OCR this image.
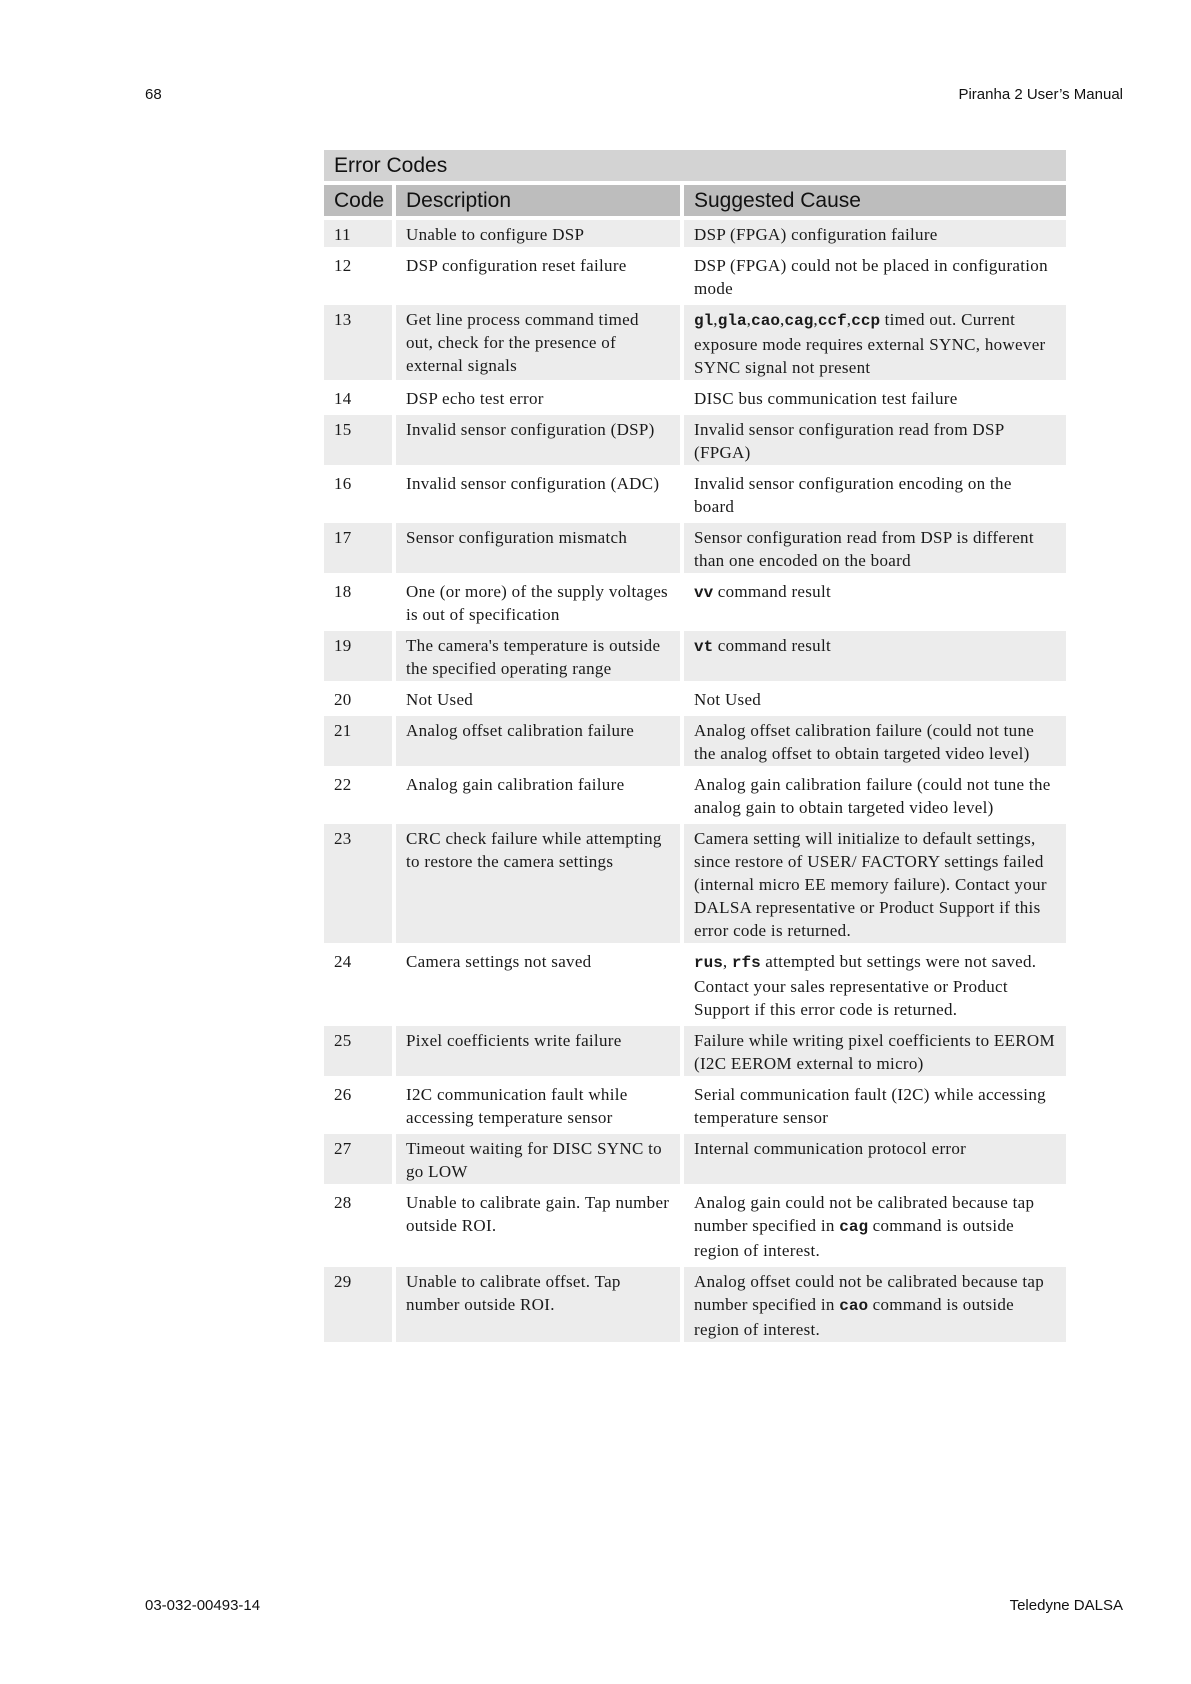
68	Piranha 2 User’s Manual
Error Codes		
Code	Description	Suggested Cause
11	Unable to configure DSP	DSP (FPGA) configuration failure
12	DSP configuration reset failure	DSP (FPGA) could not be placed in configuration mode
13	Get line process command timed out, check for the presence of external signals	gl,gla,cao,cag,ccf,ccp timed out. Current exposure mode requires external SYNC, however SYNC signal not present
14	DSP echo test error	DISC bus communication test failure
15	Invalid sensor configuration (DSP)	Invalid sensor configuration read from DSP (FPGA)
16	Invalid sensor configuration (ADC)	Invalid sensor configuration encoding on the board
17	Sensor configuration mismatch	Sensor configuration read from DSP is different than one encoded on the board
18	One (or more) of the supply voltages is out of specification	vv command result
19	The camera's temperature is outside the specified operating range	vt command result
20	Not Used	Not Used
21	Analog offset calibration failure	Analog offset calibration failure (could not tune the analog offset to obtain targeted video level)
22	Analog gain calibration failure	Analog gain calibration failure (could not tune the analog gain to obtain targeted video level)
23	CRC check failure while attempting to restore the camera settings	Camera setting will initialize to default settings, since restore of USER/ FACTORY settings failed (internal micro EE memory failure). Contact your DALSA representative or Product Support if this error code is returned.
24	Camera settings not saved	rus, rfs attempted but settings were not saved. Contact your sales representative or Product Support if this error code is returned.
25	Pixel coefficients write failure	Failure while writing pixel coefficients to EEROM (I2C EEROM external to micro)
26	I2C communication fault while accessing temperature sensor	Serial communication fault (I2C) while accessing temperature sensor
27	Timeout waiting for DISC SYNC to go LOW	Internal communication protocol error
28	Unable to calibrate gain. Tap number outside ROI.	Analog gain could not be calibrated because tap number specified in cag command is outside region of interest.
29	Unable to calibrate offset. Tap number outside ROI.	Analog offset could not be calibrated because tap number specified in cao command is outside region of interest.
03-032-00493-14	Teledyne DALSA
